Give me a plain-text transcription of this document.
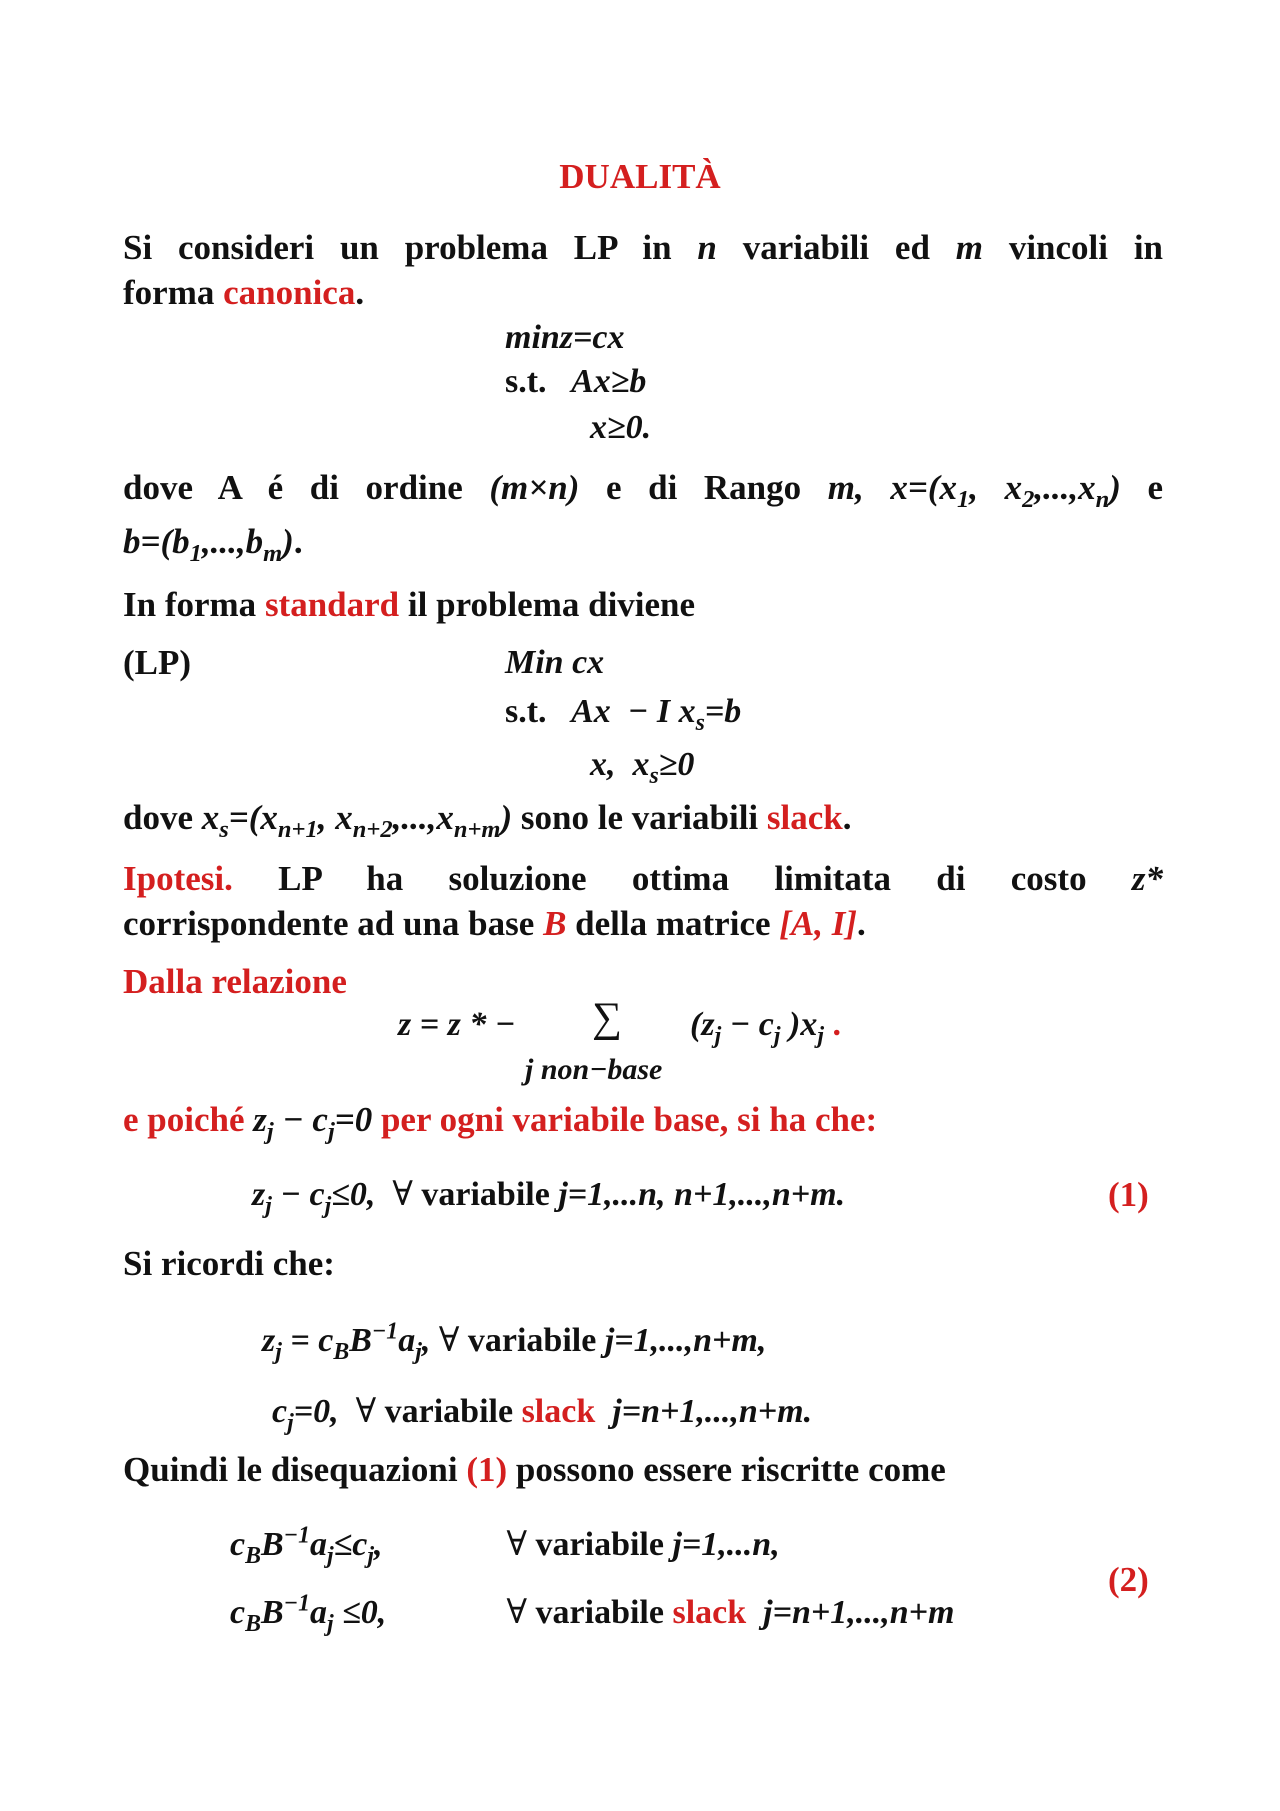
DUALITÀ
Si consideri un problema LP in n variabili ed m vincoli in
forma canonica.
minz=cx
s.t. Ax≥b
x≥0.
dove A é di ordine (m×n) e di Rango m, $x=(x_1$, $x_2,...,x_n$) e
$b=(b_1,...,b_m)$.
In forma standard il problema diviene
(LP)	Min cx
s.t. Ax  − I $x_s=b$
x,  $x_s\ge 0$
dove $x_s=(x_{n+1}$, $x_{n+2},...,x_{n+m}$) sono le variabili slack.
Ipotesi. LP ha soluzione ottima limitata di costo z*
corrispondente ad una base B della matrice [A, I].
Dalla relazione
z = z * − ∑ ($z_j - c_j$ )$x_j$ .
j non−base
e poiché $z_j - c_j=0$ per ogni variabile base, si ha che:
$z_j - c_j\le 0$, ∀ variabile j=1,...n, n+1,...,n+m.	(1)
Si ricordi che:
$z_j = c_BB^{-1}a_j$, ∀ variabile j=1,...,n+m,
$c_j=0$, ∀ variabile slack j=n+1,...,n+m.
Quindi le disequazioni (1) possono essere riscritte come
$c_BB^{-1}a_j\le c_j$,	∀ variabile j=1,...n,
$c_BB^{-1}a_j \le 0$,	∀ variabile slack j=n+1,...,n+m
(2)
